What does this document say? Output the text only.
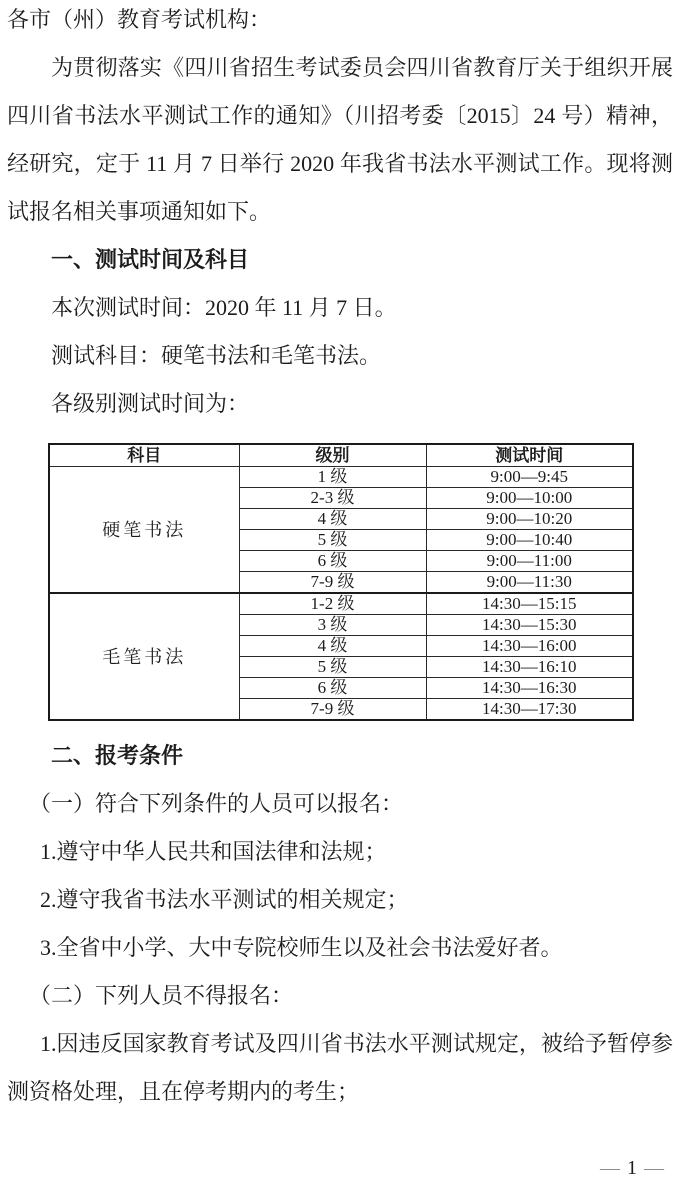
各市（州）教育考试机构：

为贯彻落实《四川省招生考试委员会四川省教育厅关于组织开展四川省书法水平测试工作的通知》（川招考委〔2015〕24 号）精神，经研究，定于 11 月 7 日举行 2020 年我省书法水平测试工作。现将测试报名相关事项通知如下。

一、测试时间及科目

本次测试时间：2020 年 11 月 7 日。

测试科目：硬笔书法和毛笔书法。

各级别测试时间为：

科目	级别	测试时间
硬笔书法	1 级	9:00—9:45
	2-3 级	9:00—10:00
	4 级	9:00—10:20
	5 级	9:00—10:40
	6 级	9:00—11:00
	7-9 级	9:00—11:30
毛笔书法	1-2 级	14:30—15:15
	3 级	14:30—15:30
	4 级	14:30—16:00
	5 级	14:30—16:10
	6 级	14:30—16:30
	7-9 级	14:30—17:30
二、报考条件

（一）符合下列条件的人员可以报名：

1.遵守中华人民共和国法律和法规；

2.遵守我省书法水平测试的相关规定；

3.全省中小学、大中专院校师生以及社会书法爱好者。

（二）下列人员不得报名：

1.因违反国家教育考试及四川省书法水平测试规定，被给予暂停参测资格处理，且在停考期内的考生；

— 1 —
